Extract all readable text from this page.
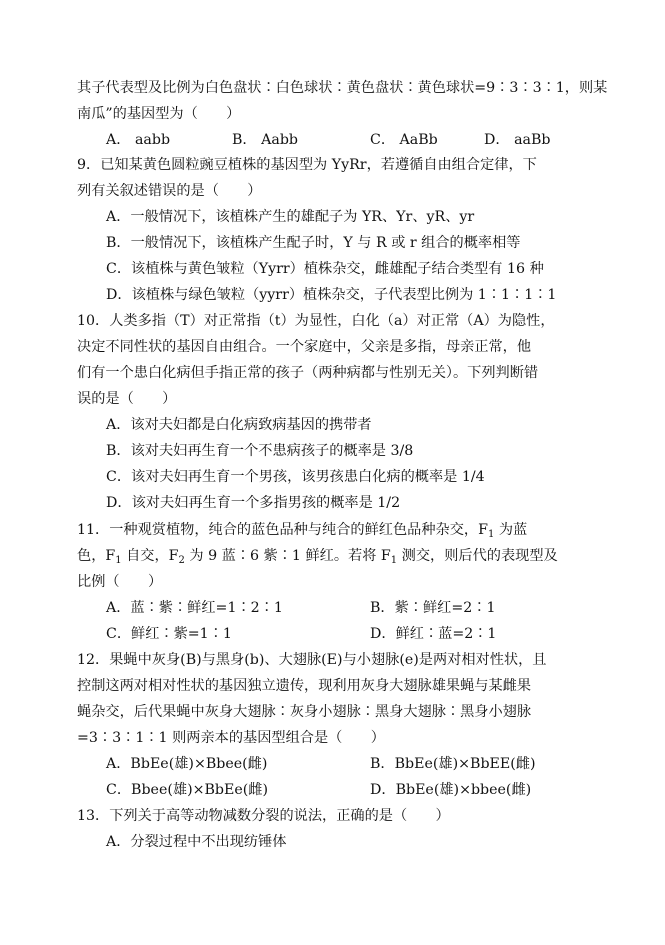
其子代表型及比例为白色盘状∶白色球状∶黄色盘状∶黄色球状=9∶3∶3∶1，则某
南瓜”的基因型为（　　）
A． aabb	B． Aabb	C． AaBb	D． aaBb
9．已知某黄色圆粒豌豆植株的基因型为 YyRr，若遵循自由组合定律，下
列有关叙述错误的是（　　）
A．一般情况下，该植株产生的雄配子为 YR、Yr、yR、yr
B．一般情况下，该植株产生配子时，Y 与 R 或 r 组合的概率相等
C．该植株与黄色皱粒（Yyrr）植株杂交，雌雄配子结合类型有 16 种
D．该植株与绿色皱粒（yyrr）植株杂交，子代表型比例为 1∶1∶1∶1
10．人类多指（T）对正常指（t）为显性，白化（a）对正常（A）为隐性，
决定不同性状的基因自由组合。一个家庭中，父亲是多指，母亲正常，他
们有一个患白化病但手指正常的孩子（两种病都与性别无关）。下列判断错
误的是（　　）
A．该对夫妇都是白化病致病基因的携带者
B．该对夫妇再生育一个不患病孩子的概率是 3/8
C．该对夫妇再生育一个男孩，该男孩患白化病的概率是 1/4
D．该对夫妇再生育一个多指男孩的概率是 1/2
11．一种观赏植物，纯合的蓝色品种与纯合的鲜红色品种杂交，$F_1$ 为蓝
色，$F_1$ 自交，$F_2$ 为 9 蓝∶6 紫∶1 鲜红。若将 $F_1$ 测交，则后代的表现型及
比例（　　）
A．蓝∶紫∶鲜红=1∶2∶1	B．紫∶鲜红=2∶1
C．鲜红∶紫=1∶1	D．鲜红∶蓝=2∶1
12．果蝇中灰身(B)与黑身(b)、大翅脉(E)与小翅脉(e)是两对相对性状，且
控制这两对相对性状的基因独立遗传，现利用灰身大翅脉雄果蝇与某雌果
蝇杂交，后代果蝇中灰身大翅脉∶灰身小翅脉∶黑身大翅脉∶黑身小翅脉
=3∶3∶1∶1 则两亲本的基因型组合是（　　）
A．BbEe(雄)×Bbee(雌)	B．BbEe(雄)×BbEE(雌)
C．Bbee(雄)×BbEe(雌)	D．BbEe(雄)×bbee(雌)
13．下列关于高等动物减数分裂的说法，正确的是（　　）
A．分裂过程中不出现纺锤体
